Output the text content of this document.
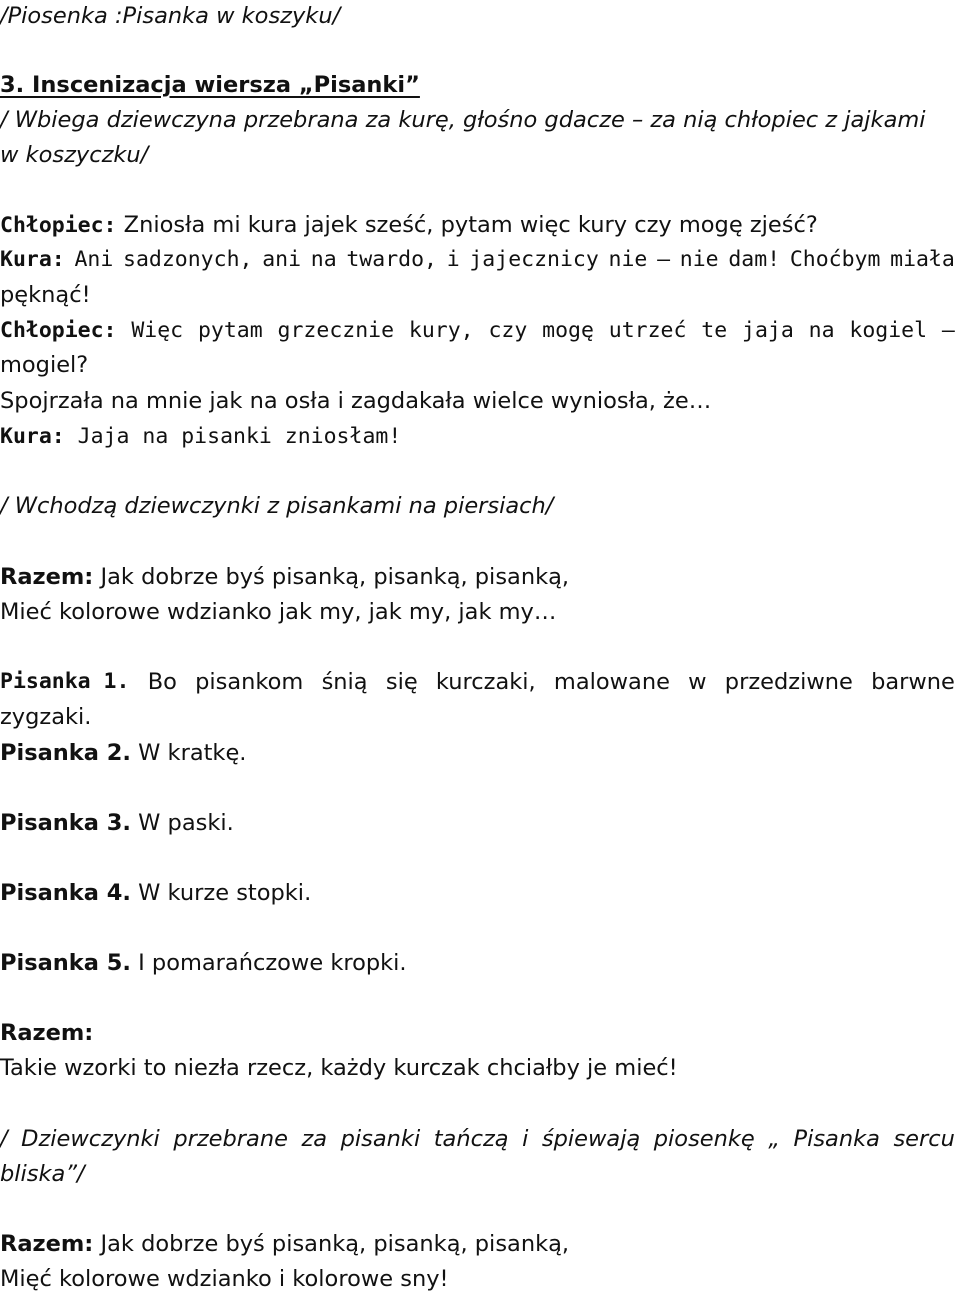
/Piosenka :Pisanka w koszyku/
3. Inscenizacja wiersza „Pisanki”
/ Wbiega dziewczyna przebrana za kurę, głośno gdacze – za nią chłopiec z jajkami
w koszyczku/
Chłopiec: Zniosła mi kura jajek sześć, pytam więc kury czy mogę zjeść?
Kura: Ani sadzonych, ani na twardo, i jajecznicy nie – nie dam! Choćbym miała
pęknąć!
Chłopiec: Więc pytam grzecznie kury, czy mogę utrzeć te jaja na kogiel –
mogiel?
Spojrzała na mnie jak na osła i zagdakała wielce wyniosła, że…
Kura: Jaja na pisanki zniosłam!
/ Wchodzą dziewczynki z pisankami na piersiach/
Razem: Jak dobrze byś pisanką, pisanką, pisanką,
Mieć kolorowe wdzianko jak my, jak my, jak my…
Pisanka 1. Bo pisankom śnią się kurczaki, malowane w przedziwne barwne
zygzaki.
Pisanka 2. W kratkę.
Pisanka 3. W paski.
Pisanka 4. W kurze stopki.
Pisanka 5. I pomarańczowe kropki.
Razem:
Takie wzorki to niezła rzecz, każdy kurczak chciałby je mieć!
/ Dziewczynki przebrane za pisanki tańczą i śpiewają piosenkę „ Pisanka sercu
bliska”/
Razem: Jak dobrze byś pisanką, pisanką, pisanką,
Mięć kolorowe wdzianko i kolorowe sny!
